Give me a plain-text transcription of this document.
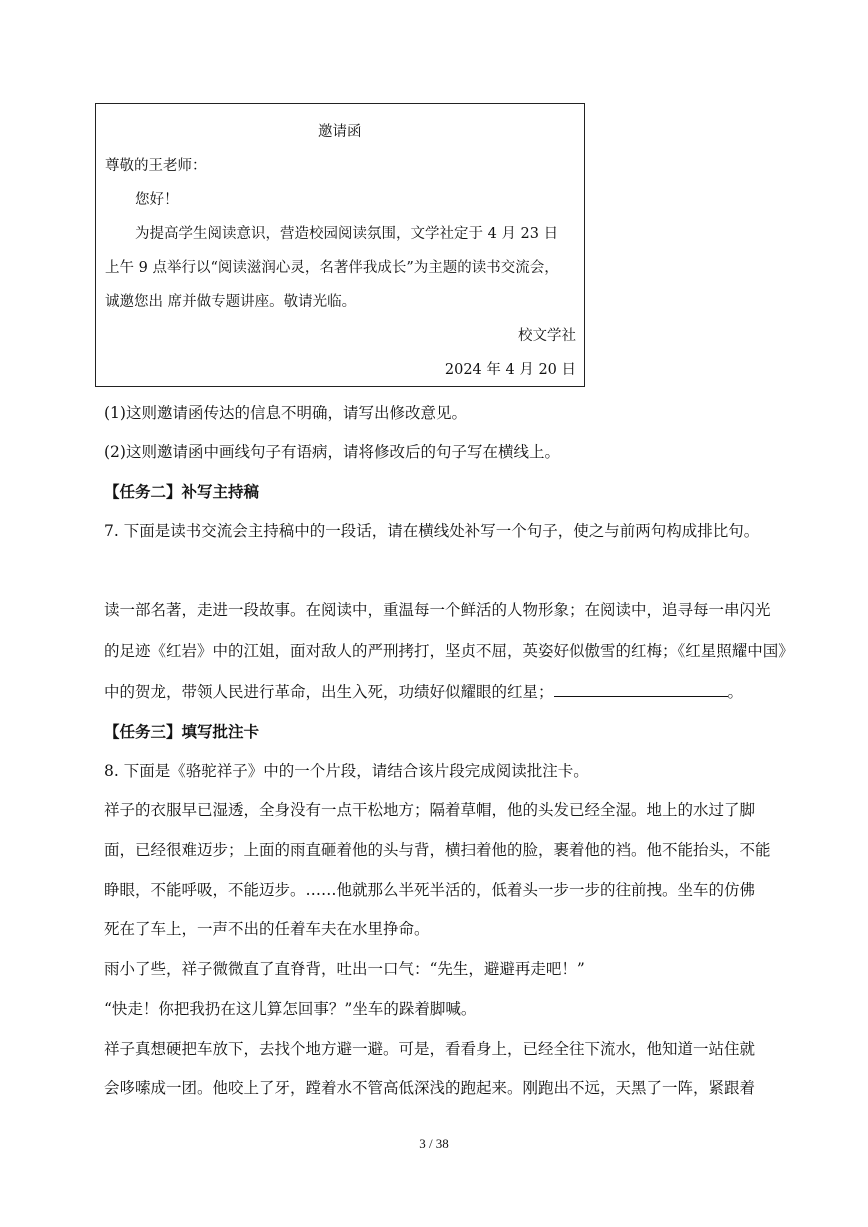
邀请函
尊敬的王老师：
您好！
为提高学生阅读意识，营造校园阅读氛围，文学社定于 4 月 23 日
上午 9 点举行以“阅读滋润心灵，名著伴我成长”为主题的读书交流会，
诚邀您出 席并做专题讲座。敬请光临。
校文学社
2024 年 4 月 20 日
(1)这则邀请函传达的信息不明确，请写出修改意见。
(2)这则邀请函中画线句子有语病，请将修改后的句子写在横线上。
【任务二】补写主持稿
7. 下面是读书交流会主持稿中的一段话，请在横线处补写一个句子，使之与前两句构成排比句。
读一部名著，走进一段故事。在阅读中，重温每一个鲜活的人物形象；在阅读中，追寻每一串闪光
的足迹《红岩》中的江姐，面对敌人的严刑拷打，坚贞不屈，英姿好似傲雪的红梅；《红星照耀中国》
中的贺龙，带领人民进行革命，出生入死，功绩好似耀眼的红星；	。
【任务三】填写批注卡
8. 下面是《骆驼祥子》中的一个片段，请结合该片段完成阅读批注卡。
祥子的衣服早已湿透，全身没有一点干松地方；隔着草帽，他的头发已经全湿。地上的水过了脚
面，已经很难迈步；上面的雨直砸着他的头与背，横扫着他的脸，裹着他的裆。他不能抬头，不能
睁眼，不能呼吸，不能迈步。……他就那么半死半活的，低着头一步一步的往前拽。坐车的仿佛
死在了车上，一声不出的任着车夫在水里挣命。
雨小了些，祥子微微直了直脊背，吐出一口气：“先生，避避再走吧！”
“快走！你把我扔在这儿算怎回事？”坐车的跺着脚喊。
祥子真想硬把车放下，去找个地方避一避。可是，看看身上，已经全往下流水，他知道一站住就
会哆嗦成一团。他咬上了牙，蹚着水不管高低深浅的跑起来。刚跑出不远，天黑了一阵，紧跟着
3 / 38
